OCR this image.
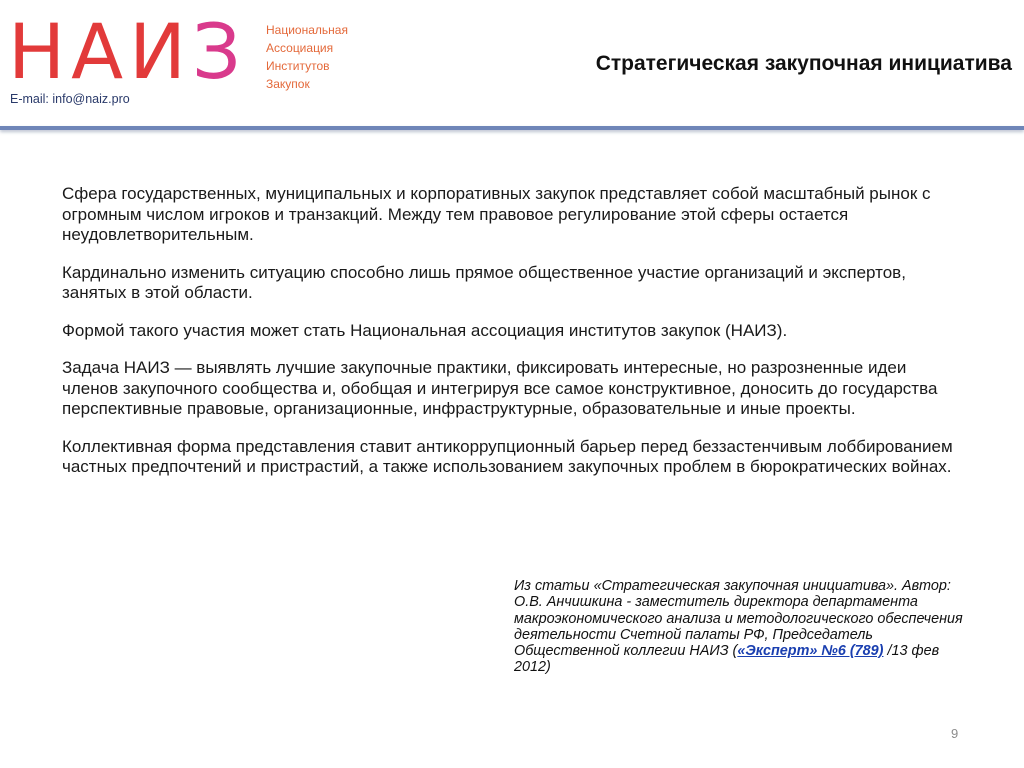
НАИЗ Национальная
Ассоциация
Институтов
Закупок
E-mail: info@naiz.pro
Стратегическая закупочная инициатива

Сфера государственных, муниципальных и корпоративных закупок представляет собой масштабный рынок с огромным числом игроков и транзакций. Между тем правовое регулирование этой сферы остается неудовлетворительным.

Кардинально изменить ситуацию способно лишь прямое общественное участие организаций и экспертов, занятых в этой области.

Формой такого участия может стать Национальная ассоциация институтов закупок (НАИЗ).

Задача НАИЗ — выявлять лучшие закупочные практики, фиксировать интересные, но разрозненные идеи членов закупочного сообщества и, обобщая и интегрируя все самое конструктивное, доносить до государства перспективные правовые, организационные, инфраструктурные, образовательные и иные проекты.

Коллективная форма представления ставит антикоррупционный барьер перед беззастенчивым лоббированием частных предпочтений и пристрастий, а также использованием закупочных проблем в бюрократических войнах.

Из статьи «Стратегическая закупочная инициатива». Автор: О.В. Анчишкина - заместитель директора департамента макроэкономического анализа и методологического обеспечения деятельности Счетной палаты РФ, Председатель Общественной коллегии НАИЗ («Эксперт» №6 (789) /13 фев 2012)
9
